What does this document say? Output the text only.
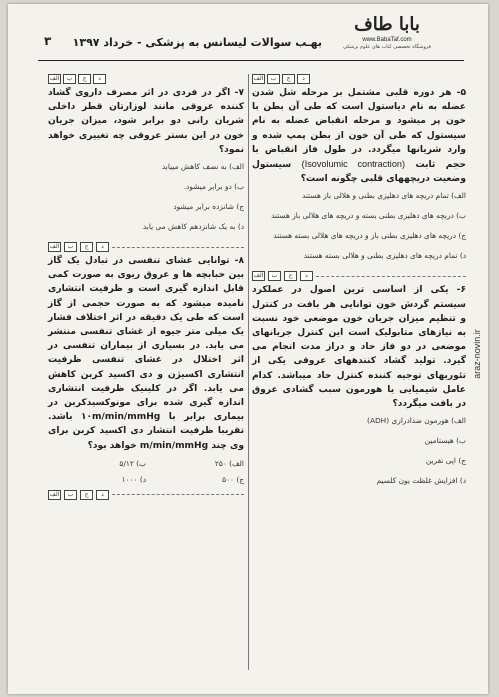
۳ بهـب سوالات لیسانس به پزشکی - خرداد ۱۳۹۷
بابا طاف
www.BabaTaf.com
فروشگاه تخصصی کتاب های علوم پزشکی
الف	ب	ج	د

۵- هر دوره قلبی مشتمل بر مرحله شل شدن عضله به نام دیاستول است که طی آن بطن با خون پر میشود و مرحله انقباض عضله به نام سیستول که طی آن خون از بطن پمپ شده و وارد شریانها میگردد. در طول فاز انقباض با حجم ثابت (Isovolumic contraction) سیستول وضعیت دریچههای قلبی چگونه است؟

الف) تمام دریچه های دهلیزی بطنی و هلالی باز هستند

ب) دریچه های دهلیزی بطنی بسته و دریچه های هلالی باز هستند

ج) دریچه های دهلیزی بطنی باز و دریچه های هلالی بسته هستند

د) تمام دریچه های دهلیزی بطنی و هلالی بسته هستند

الف	ب	ج	د

۶- یکی از اساسی ترین اصول در عملکرد سیستم گردش خون توانایی هر بافت در کنترل و تنظیم میزان جریان خون موضعی خود نسبت به نیازهای متابولیک است این کنترل جریانهای موضعی در دو فاز حاد و دراز مدت انجام می گیرد. تولید گشاد کنندههای عروقی یکی از تئوریهای توجیه کننده کنترل حاد میباشد. کدام عامل شیمیایی یا هورمون سبب گشادی عروق در بافت میگردد؟

الف) هورمون ضدادراری (ADH)

ب) هیستامین

ج) اپی نفرین

د) افزایش غلظت یون کلسیم

الف	ب	ج	د

۷- اگر در فردی در اثر مصرف داروی گشاد کننده عروقی مانند لوزارتان قطر داخلی شریان رانی دو برابر شود، میزان جریان خون در این بستر عروقی چه تغییری خواهد نمود؟

الف) به نصف کاهش مییابد

ب) دو برابر میشود.

ج) شانزده برابر میشود

د) به یک شانزدهم کاهش می یابد

الف	ب	ج	د

۸- توانایی غشای تنفسی در تبادل یک گاز بین حبابچه ها و عروق ریوی به صورت کمی قابل اندازه گیری است و ظرفیت انتشاری نامیده میشود که به صورت حجمی از گاز است که طی یک دقیقه در اثر اختلاف فشار یک میلی متر جیوه از غشای تنفسی منتشر می یابد. در بسیاری از بیماران تنفسی در اثر اختلال در غشای تنفسی ظرفیت انتشاری اکسیژن و دی اکسید کربن کاهش می یابد. اگر در کلینیک ظرفیت انتشاری اندازه گیری شده برای مونوکسیدکربن در بیماری برابر با ۱۰m/min/mmHg باشد. تقریبا ظرفیت انتشار دی اکسید کربن برای وی چند m/min/mmHg خواهد بود؟

الف) ۲۵۰
ب) ۵/۱۲
ج) ۵۰۰
د) ۱۰۰۰
الف	ب	ج	د
araz-novin.ir
